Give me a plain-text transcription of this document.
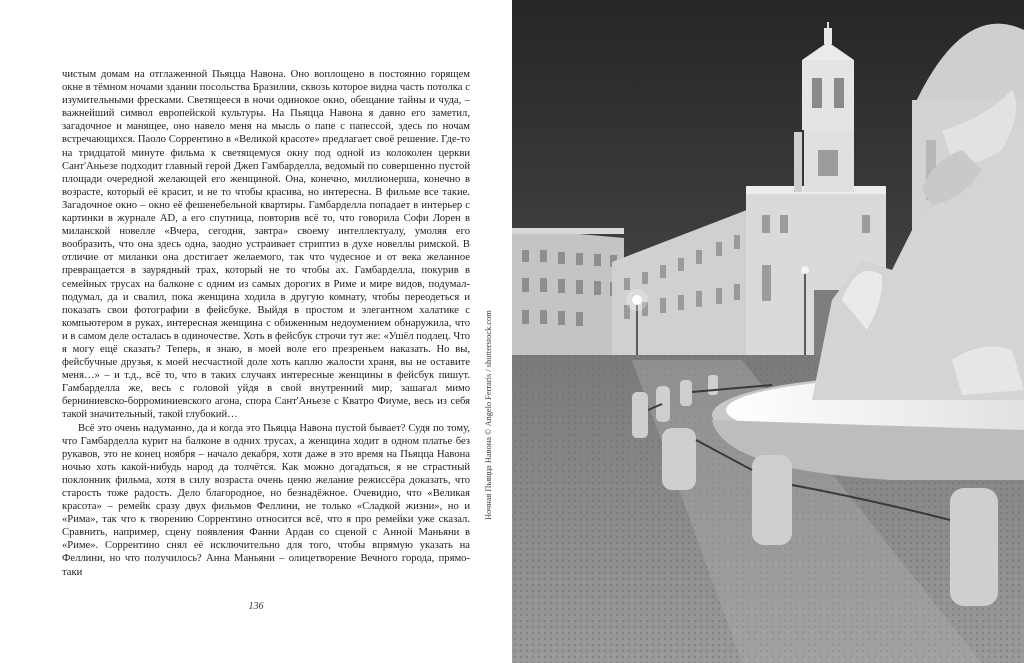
чистым домам на отглаженной Пьяцца Навона. Оно воплощено в постоянно горящем окне в тёмном ночами здании посольства Бразилии, сквозь которое видна часть потолка с изумительными фресками. Светящееся в ночи одинокое окно, обещание тайны и чуда, – важнейший символ европейской культуры. На Пьяцца Навона я давно его заметил, загадочное и манящее, оно навело меня на мысль о папе с папессой, здесь по ночам встречающихся. Паоло Соррентино в «Великой красоте» предлагает своё решение. Где-то на тридцатой минуте фильма к светящемуся окну под одной из колоколен церкви Сант'Аньезе подходит главный герой Джеп Гамбарделла, ведомый по совершенно пустой площади очередной желающей его женщиной. Она, конечно, миллионерша, конечно в возрасте, который её красит, и не то чтобы красива, но интересна. В фильме все такие. Загадочное окно – окно её фешенебельной квартиры. Гамбарделла попадает в интерьер с картинки в журнале AD, а его спутница, повторив всё то, что говорила Софи Лорен в миланской новелле «Вчера, сегодня, завтра» своему интеллектуалу, умоляя его вообразить, что она здесь одна, заодно устраивает стриптиз в духе новеллы римской. В отличие от миланки она достигает желаемого, так что чудесное и от века желанное превращается в заурядный трах, который не то чтобы ах. Гамбарделла, покурив в семейных трусах на балконе с одним из самых дорогих в Риме и мире видов, подумал-подумал, да и свалил, пока женщина ходила в другую комнату, чтобы переодеться и показать свои фотографии в фейсбуке. Выйдя в простом и элегантном халатике с компьютером в руках, интересная женщина с обиженным недоумением обнаружила, что и в самом деле осталась в одиночестве. Хоть в фейсбук строчи тут же: «Ушёл подлец. Что я могу ещё сказать? Теперь, я знаю, в моей воле его презреньем наказать. Но вы, фейсбучные друзья, к моей несчастной доле хоть каплю жалости храня, вы не оставите меня…» – и т.д., всё то, что в таких случаях интересные женщины в фейсбук пишут. Гамбарделла же, весь с головой уйдя в свой внутренний мир, зашагал мимо берниниевско-борроминиевского агона, спора Сант'Аньезе с Кватро Фиуме, весь из себя такой значительный, такой глубокий…

Всё это очень надуманно, да и когда это Пьяцца Навона пустой бывает? Судя по тому, что Гамбарделла курит на балконе в одних трусах, а женщина ходит в одном платье без рукавов, это не конец ноября – начало декабря, хотя даже в это время на Пьяцца Навона ночью хоть какой-нибудь народ да толчётся. Как можно догадаться, я не страстный поклонник фильма, хотя в силу возраста очень ценю желание режиссёра доказать, что старость тоже радость. Дело благородное, но безнадёжное. Очевидно, что «Великая красота» – ремейк сразу двух фильмов Феллини, не только «Сладкой жизни», но и «Рима», так что к творению Соррентино относится всё, что я про ремейки уже сказал. Сравнить, например, сцену появления Фанни Ардан со сценой с Анной Маньяни в «Риме». Соррентино снял её исключительно для того, чтобы впрямую указать на Феллини, но что получилось? Анна Маньяни – олицетворение Вечного города, прямо-таки

136
Ночная Пьяцца Навона © Angelo Ferraris / shutterstock.com
